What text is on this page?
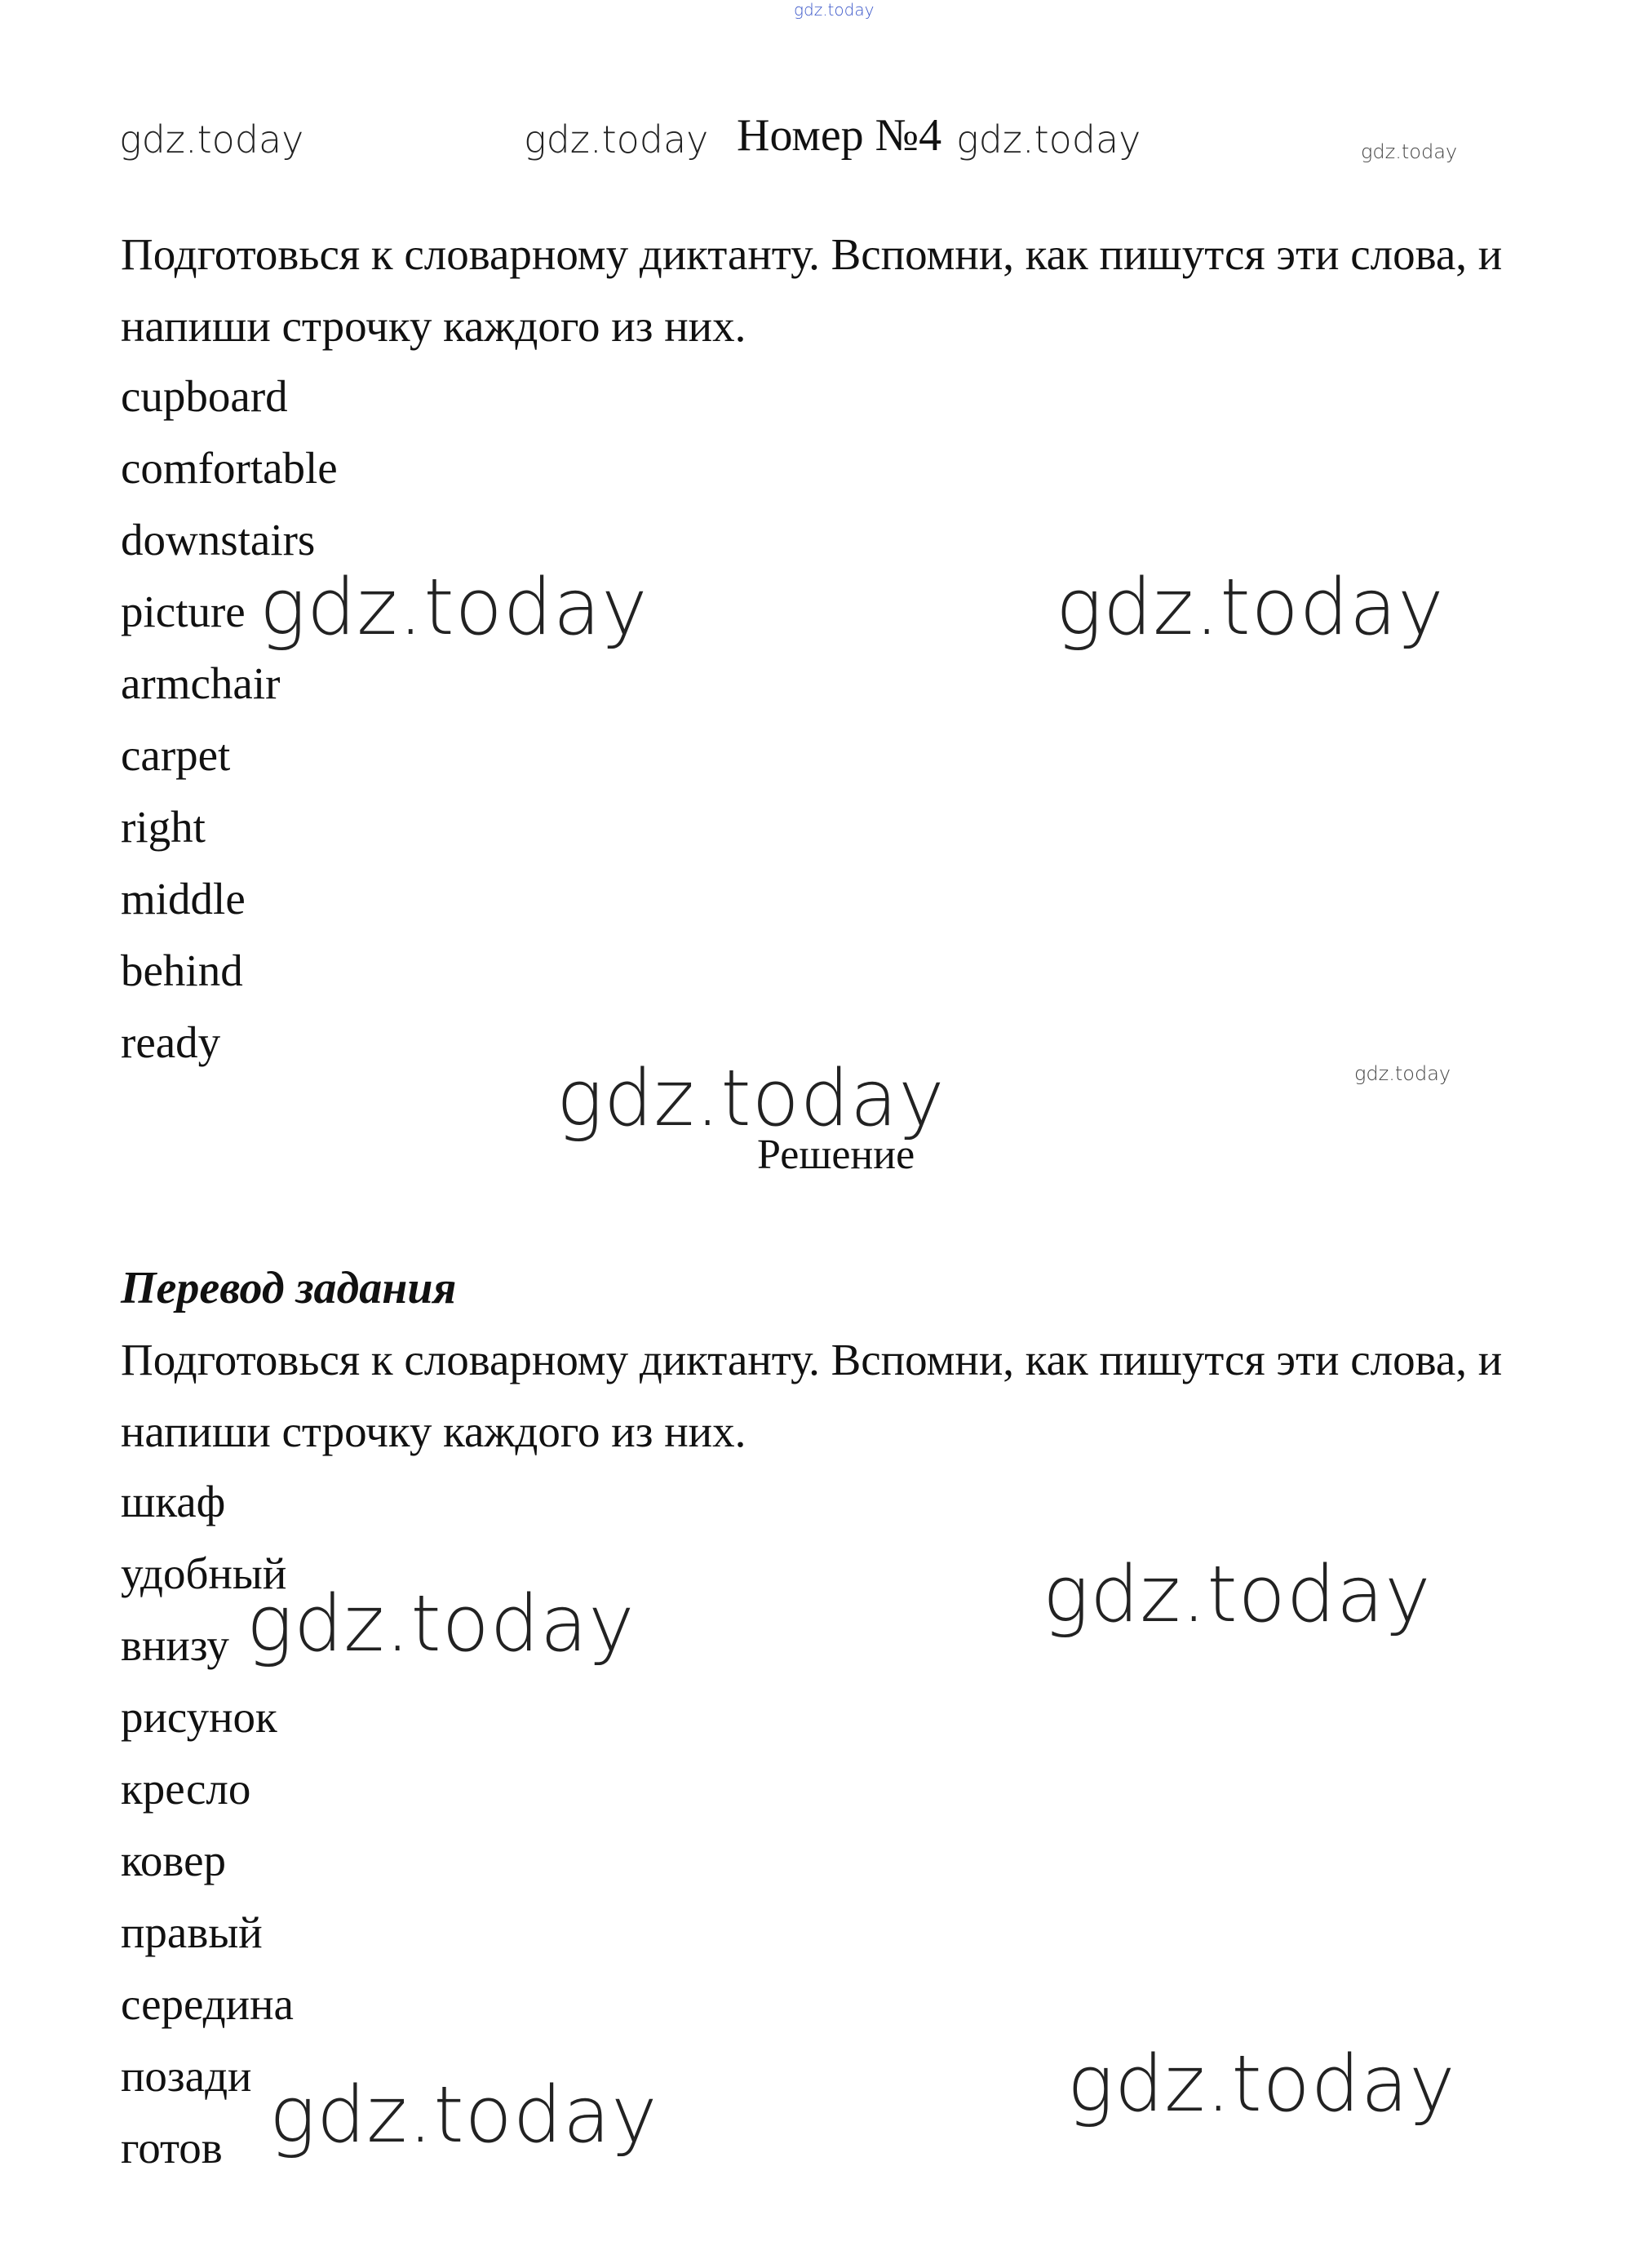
gdz.today
gdz.today	gdz.today	gdz.today	gdz.today
gdz.today	gdz.today
gdz.today
gdz.today
gdz.today
gdz.today
gdz.today
gdz.today
Номер №4

Подготовься к словарному диктанту. Вспомни, как пишутся эти слова, и напиши строчку каждого из них.

cupboard
comfortable
downstairs
picture
armchair
carpet
right
middle
behind
ready
Решение
Перевод задания

Подготовься к словарному диктанту. Вспомни, как пишутся эти слова, и напиши строчку каждого из них.

шкаф
удобный
внизу
рисунок
кресло
ковер
правый
середина
позади
готов
